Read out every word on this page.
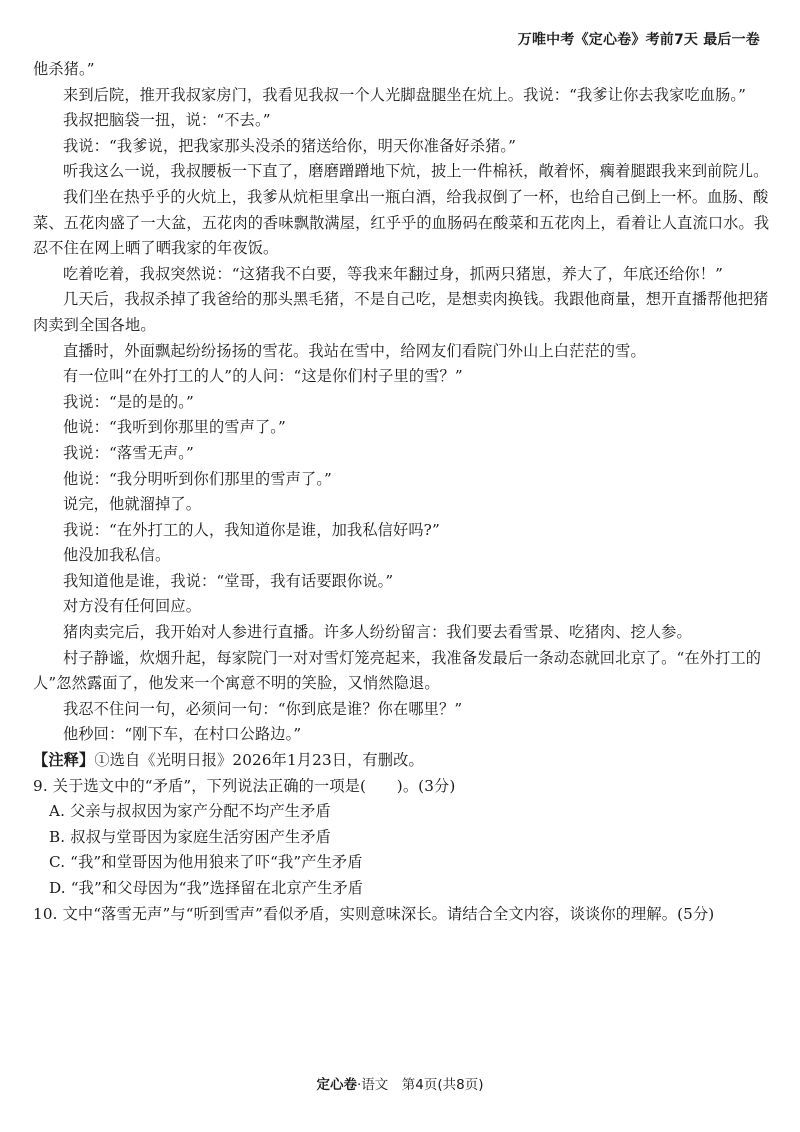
万唯中考《定心卷》考前7天 最后一卷

他杀猪。”

来到后院，推开我叔家房门，我看见我叔一个人光脚盘腿坐在炕上。我说：“我爹让你去我家吃血肠。”

我叔把脑袋一扭，说：“不去。”

我说：“我爹说，把我家那头没杀的猪送给你，明天你准备好杀猪。”

听我这么一说，我叔腰板一下直了，磨磨蹭蹭地下炕，披上一件棉袄，敞着怀，瘸着腿跟我来到前院儿。

我们坐在热乎乎的火炕上，我爹从炕柜里拿出一瓶白酒，给我叔倒了一杯，也给自己倒上一杯。血肠、酸菜、五花肉盛了一大盆，五花肉的香味飘散满屋，红乎乎的血肠码在酸菜和五花肉上，看着让人直流口水。我忍不住在网上晒了晒我家的年夜饭。

吃着吃着，我叔突然说：“这猪我不白要，等我来年翻过身，抓两只猪崽，养大了，年底还给你！”

几天后，我叔杀掉了我爸给的那头黑毛猪，不是自己吃，是想卖肉换钱。我跟他商量，想开直播帮他把猪肉卖到全国各地。

直播时，外面飘起纷纷扬扬的雪花。我站在雪中，给网友们看院门外山上白茫茫的雪。

有一位叫“在外打工的人”的人问：“这是你们村子里的雪？”

我说：“是的是的。”

他说：“我听到你那里的雪声了。”

我说：“落雪无声。”

他说：“我分明听到你们那里的雪声了。”

说完，他就溜掉了。

我说：“在外打工的人，我知道你是谁，加我私信好吗?”

他没加我私信。

我知道他是谁，我说：“堂哥，我有话要跟你说。”

对方没有任何回应。

猪肉卖完后，我开始对人参进行直播。许多人纷纷留言：我们要去看雪景、吃猪肉、挖人参。

村子静谧，炊烟升起，每家院门一对对雪灯笼亮起来，我准备发最后一条动态就回北京了。“在外打工的人”忽然露面了，他发来一个寓意不明的笑脸，又悄然隐退。

我忍不住问一句，必须问一句：“你到底是谁？你在哪里？”

他秒回：“刚下车，在村口公路边。”

【注释】①选自《光明日报》2026年1月23日，有删改。

9. 关于选文中的“矛盾”，下列说法正确的一项是(　　)。(3分)

A. 父亲与叔叔因为家产分配不均产生矛盾

B. 叔叔与堂哥因为家庭生活穷困产生矛盾

C. “我”和堂哥因为他用狼来了吓“我”产生矛盾

D. “我”和父母因为“我”选择留在北京产生矛盾

10. 文中“落雪无声”与“听到雪声”看似矛盾，实则意味深长。请结合全文内容，谈谈你的理解。(5分)

定心卷·语文　第4页(共8页)
